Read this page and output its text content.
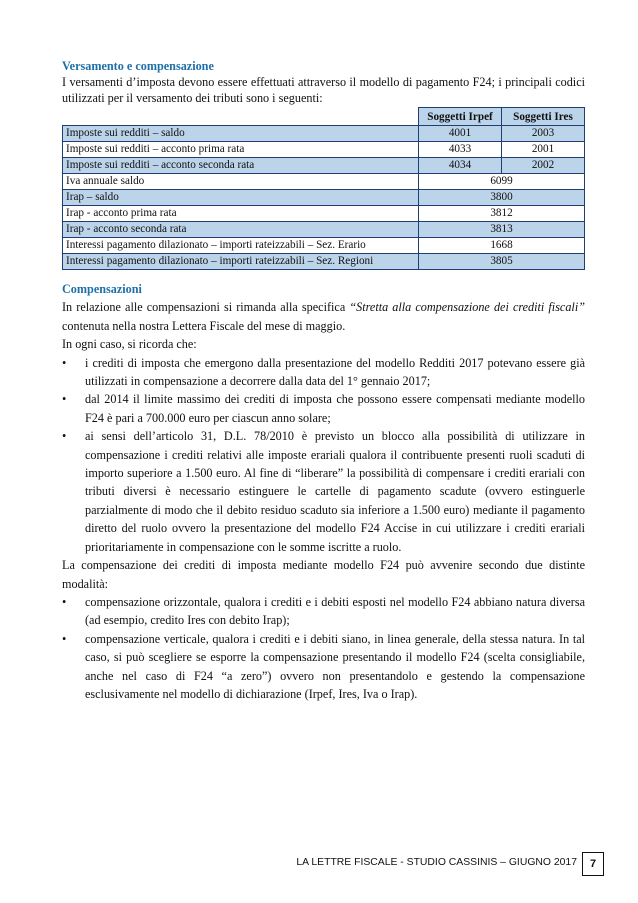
Versamento e compensazione

I versamenti d’imposta devono essere effettuati attraverso il modello di pagamento F24; i principali codici utilizzati per il versamento dei tributi sono i seguenti:

	Soggetti Irpef	Soggetti Ires
Imposte sui redditi – saldo	4001	2003
Imposte sui redditi – acconto prima rata	4033	2001
Imposte sui redditi – acconto seconda rata	4034	2002
Iva annuale saldo	6099	
Irap – saldo	3800	
Irap - acconto prima rata	3812	
Irap - acconto seconda rata	3813	
Interessi pagamento dilazionato – importi rateizzabili – Sez. Erario	1668	
Interessi pagamento dilazionato – importi rateizzabili – Sez. Regioni	3805	
Compensazioni

In relazione alle compensazioni si rimanda alla specifica “Stretta alla compensazione dei crediti fiscali” contenuta nella nostra Lettera Fiscale del mese di maggio.

In ogni caso, si ricorda che:

• i crediti di imposta che emergono dalla presentazione del modello Redditi 2017 potevano essere già utilizzati in compensazione a decorrere dalla data del 1° gennaio 2017;
• dal 2014 il limite massimo dei crediti di imposta che possono essere compensati mediante modello F24 è pari a 700.000 euro per ciascun anno solare;
• ai sensi dell’articolo 31, D.L. 78/2010 è previsto un blocco alla possibilità di utilizzare in compensazione i crediti relativi alle imposte erariali qualora il contribuente presenti ruoli scaduti di importo superiore a 1.500 euro. Al fine di “liberare” la possibilità di compensare i crediti erariali con tributi diversi è necessario estinguere le cartelle di pagamento scadute (ovvero estinguerle parzialmente di modo che il debito residuo scaduto sia inferiore a 1.500 euro) mediante il pagamento diretto del ruolo ovvero la presentazione del modello F24 Accise in cui utilizzare i crediti erariali prioritariamente in compensazione con le somme iscritte a ruolo.

La compensazione dei crediti di imposta mediante modello F24 può avvenire secondo due distinte modalità:

• compensazione orizzontale, qualora i crediti e i debiti esposti nel modello F24 abbiano natura diversa (ad esempio, credito Ires con debito Irap);
• compensazione verticale, qualora i crediti e i debiti siano, in linea generale, della stessa natura. In tal caso, si può scegliere se esporre la compensazione presentando il modello F24 (scelta consigliabile, anche nel caso di F24 “a zero”) ovvero non presentandolo e gestendo la compensazione esclusivamente nel modello di dichiarazione (Irpef, Ires, Iva o Irap).
LA LETTRE FISCALE - STUDIO CASSINIS – GIUGNO 2017	7
